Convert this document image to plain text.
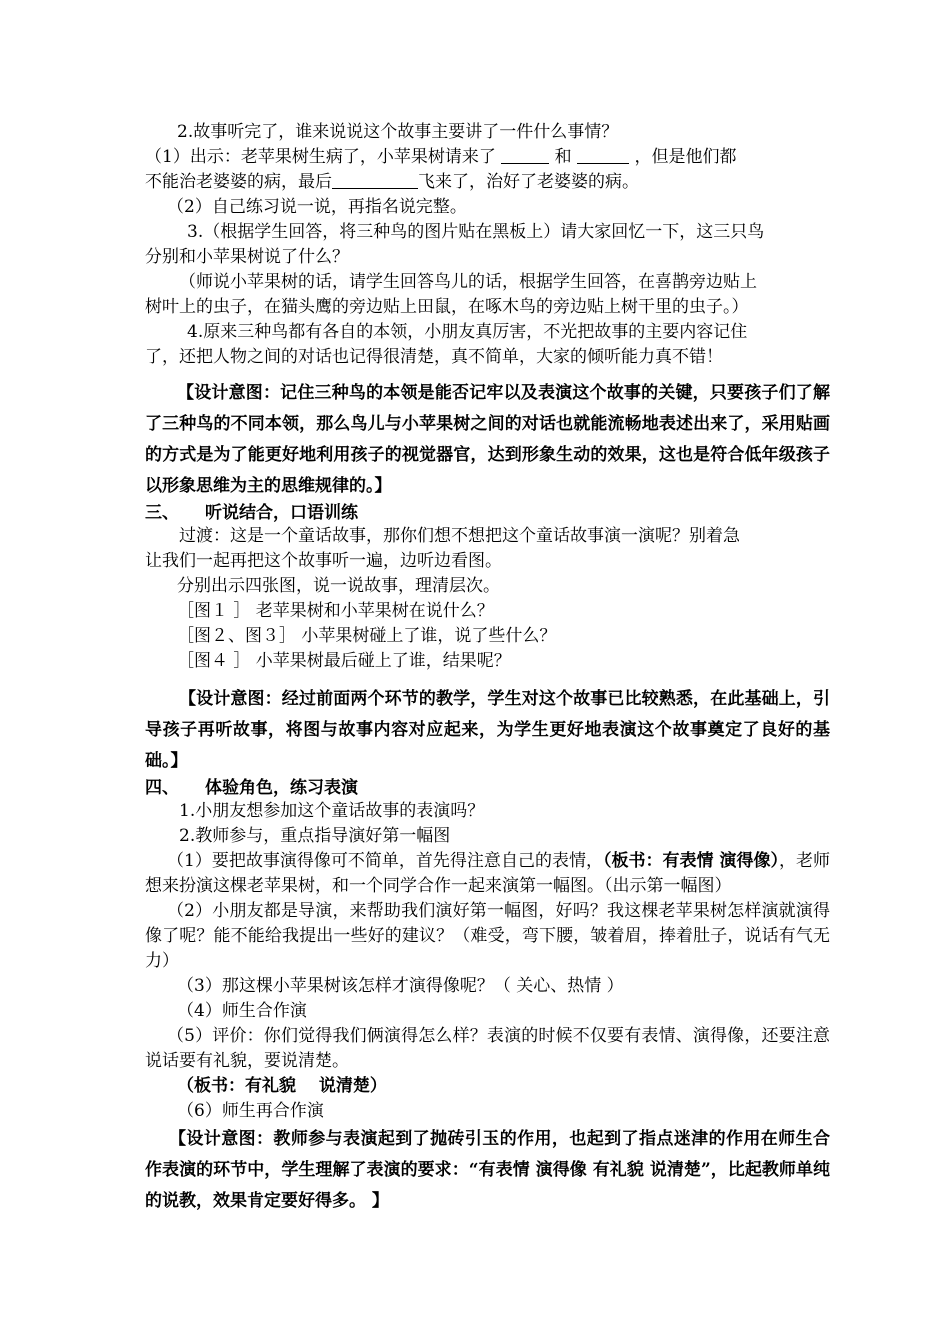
2.故事听完了，谁来说说这个故事主要讲了一件什么事情？

（1）出示：老苹果树生病了，小苹果树请来了	和	，但是他们都

不能治老婆婆的病，最后	飞来了，治好了老婆婆的病。

（2）自己练习说一说，再指名说完整。

3.（根据学生回答，将三种鸟的图片贴在黑板上）请大家回忆一下，这三只鸟

分别和小苹果树说了什么？

（师说小苹果树的话，请学生回答鸟儿的话，根据学生回答，在喜鹊旁边贴上

树叶上的虫子，在猫头鹰的旁边贴上田鼠，在啄木鸟的旁边贴上树干里的虫子。）

4.原来三种鸟都有各自的本领，小朋友真厉害，不光把故事的主要内容记住

了，还把人物之间的对话也记得很清楚，真不简单，大家的倾听能力真不错！

【设计意图：记住三种鸟的本领是能否记牢以及表演这个故事的关键，只要孩子们了解了三种鸟的不同本领，那么鸟儿与小苹果树之间的对话也就能流畅地表述出来了，采用贴画的方式是为了能更好地利用孩子的视觉器官，达到形象生动的效果，这也是符合低年级孩子以形象思维为主的思维规律的。】

三、 听说结合，口语训练

过渡：这是一个童话故事，那你们想不想把这个童话故事演一演呢？别着急

让我们一起再把这个故事听一遍，边听边看图。

分别出示四张图，说一说故事，理清层次。

［图１ ］ 老苹果树和小苹果树在说什么？

［图２、图３］ 小苹果树碰上了谁，说了些什么？

［图４ ］ 小苹果树最后碰上了谁，结果呢？

【设计意图：经过前面两个环节的教学，学生对这个故事已比较熟悉，在此基础上，引导孩子再听故事，将图与故事内容对应起来，为学生更好地表演这个故事奠定了良好的基础。】

四、 体验角色，练习表演

1.小朋友想参加这个童话故事的表演吗？

2.教师参与，重点指导演好第一幅图

（1）要把故事演得像可不简单，首先得注意自己的表情，（板书：有表情 演得像），老师想来扮演这棵老苹果树，和一个同学合作一起来演第一幅图。（出示第一幅图）

（2）小朋友都是导演，来帮助我们演好第一幅图，好吗？我这棵老苹果树怎样演就演得像了呢？能不能给我提出一些好的建议？（难受，弯下腰，皱着眉，捧着肚子，说话有气无力）

（3）那这棵小苹果树该怎样才演得像呢？（ 关心、热情 ）

（4）师生合作演

（5）评价：你们觉得我们俩演得怎么样？表演的时候不仅要有表情、演得像，还要注意说话要有礼貌，要说清楚。

（板书：有礼貌　 说清楚）

（6）师生再合作演

【设计意图：教师参与表演起到了抛砖引玉的作用，也起到了指点迷津的作用在师生合作表演的环节中，学生理解了表演的要求：“有表情 演得像 有礼貌 说清楚”，比起教师单纯的说教，效果肯定要好得多。 】
